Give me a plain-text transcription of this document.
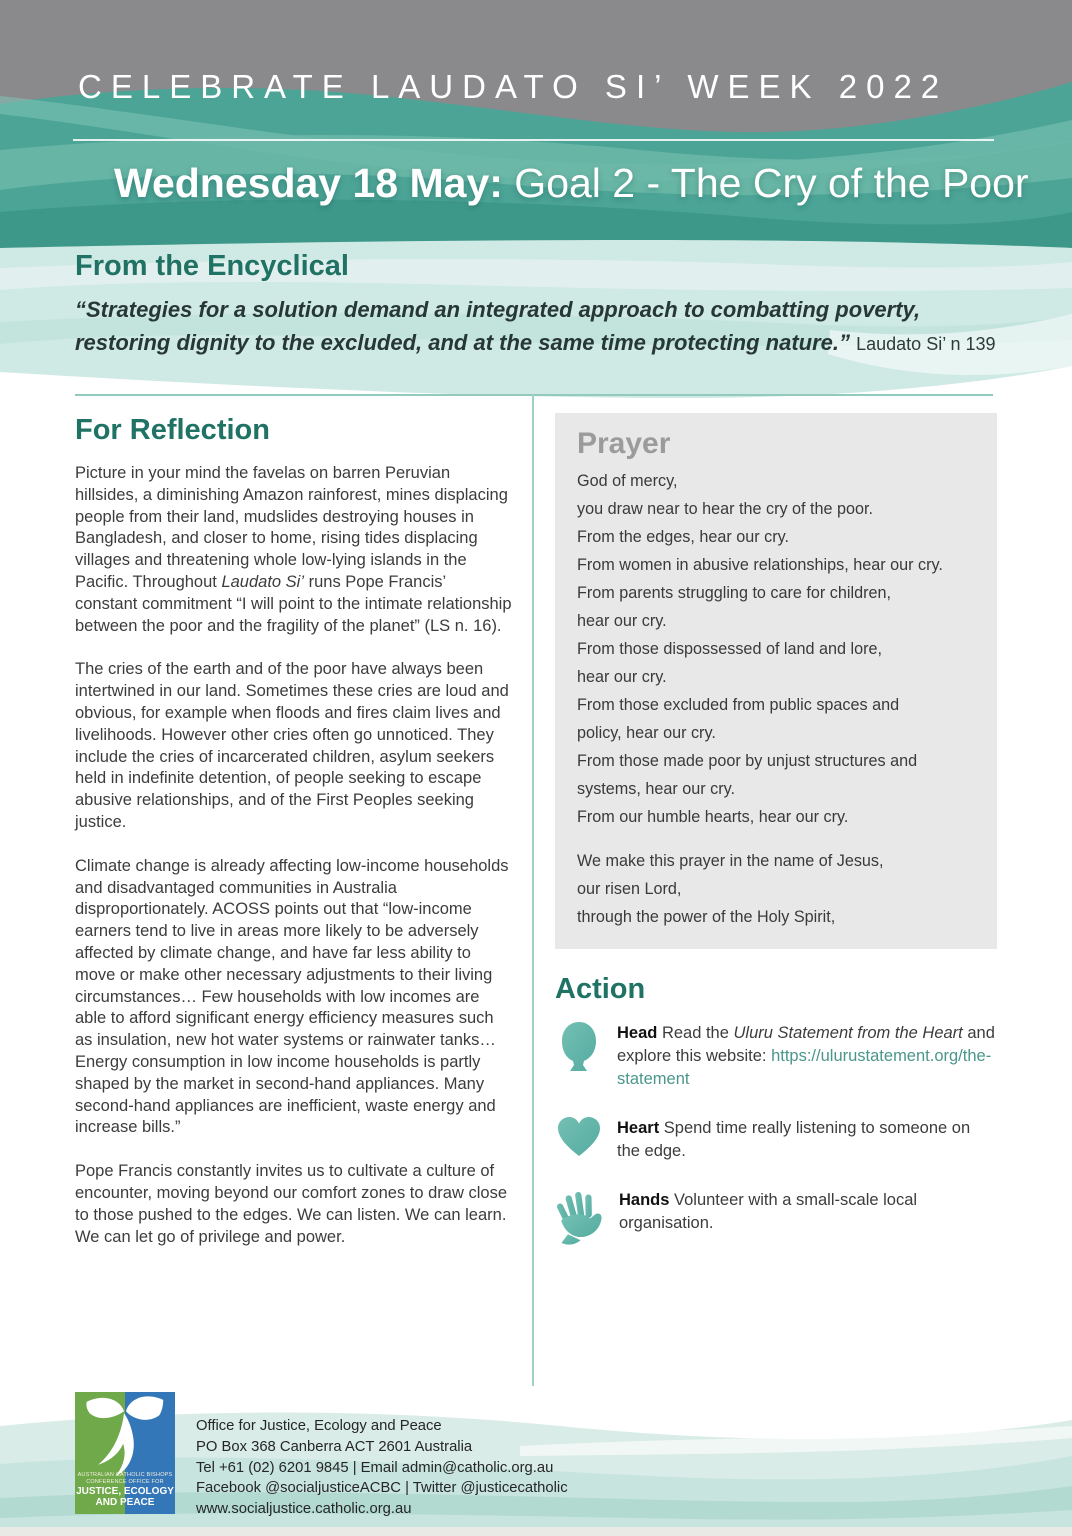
CELEBRATE LAUDATO SI’ WEEK 2022
Wednesday 18 May: Goal 2 - The Cry of the Poor
From the Encyclical

“Strategies for a solution demand an integrated approach to combatting poverty, restoring dignity to the excluded, and at the same time protecting nature.” Laudato Si’ n 139

For Reflection

Picture in your mind the favelas on barren Peruvian hillsides, a diminishing Amazon rainforest, mines displacing people from their land, mudslides destroying houses in Bangladesh, and closer to home, rising tides displacing villages and threatening whole low-lying islands in the Pacific. Throughout Laudato Si’ runs Pope Francis’ constant commitment “I will point to the intimate relationship between the poor and the fragility of the planet” (LS n. 16).

The cries of the earth and of the poor have always been intertwined in our land. Sometimes these cries are loud and obvious, for example when floods and fires claim lives and livelihoods. However other cries often go unnoticed. They include the cries of incarcerated children, asylum seekers held in indefinite detention, of people seeking to escape abusive relationships, and of the First Peoples seeking justice.

Climate change is already affecting low-income households and disadvantaged communities in Australia disproportionately. ACOSS points out that “low-income earners tend to live in areas more likely to be adversely affected by climate change, and have far less ability to move or make other necessary adjustments to their living circumstances… Few households with low incomes are able to afford significant energy efficiency measures such as insulation, new hot water systems or rainwater tanks… Energy consumption in low income households is partly shaped by the market in second-hand appliances. Many second-hand appliances are inefficient, waste energy and increase bills.”

Pope Francis constantly invites us to cultivate a culture of encounter, moving beyond our comfort zones to draw close to those pushed to the edges. We can listen. We can learn. We can let go of privilege and power.

Prayer
God of mercy,
you draw near to hear the cry of the poor.
From the edges, hear our cry.
From women in abusive relationships, hear our cry.
From parents struggling to care for children,
hear our cry.
From those dispossessed of land and lore,
hear our cry.
From those excluded from public spaces and
policy, hear our cry.
From those made poor by unjust structures and
systems, hear our cry.
From our humble hearts, hear our cry.
We make this prayer in the name of Jesus,
our risen Lord,
through the power of the Holy Spirit,
Action
Head Read the Uluru Statement from the Heart and explore this website: https://ulurustatement.org/the-statement
Heart Spend time really listening to someone on the edge.
Hands Volunteer with a small-scale local organisation.
AUSTRALIAN CATHOLIC BISHOPS
CONFERENCE OFFICE FOR
JUSTICE, ECOLOGY
AND PEACE
Office for Justice, Ecology and Peace
PO Box 368 Canberra ACT 2601 Australia
Tel +61 (02) 6201 9845 | Email admin@catholic.org.au
Facebook @socialjusticeACBC | Twitter @justicecatholic
www.socialjustice.catholic.org.au
